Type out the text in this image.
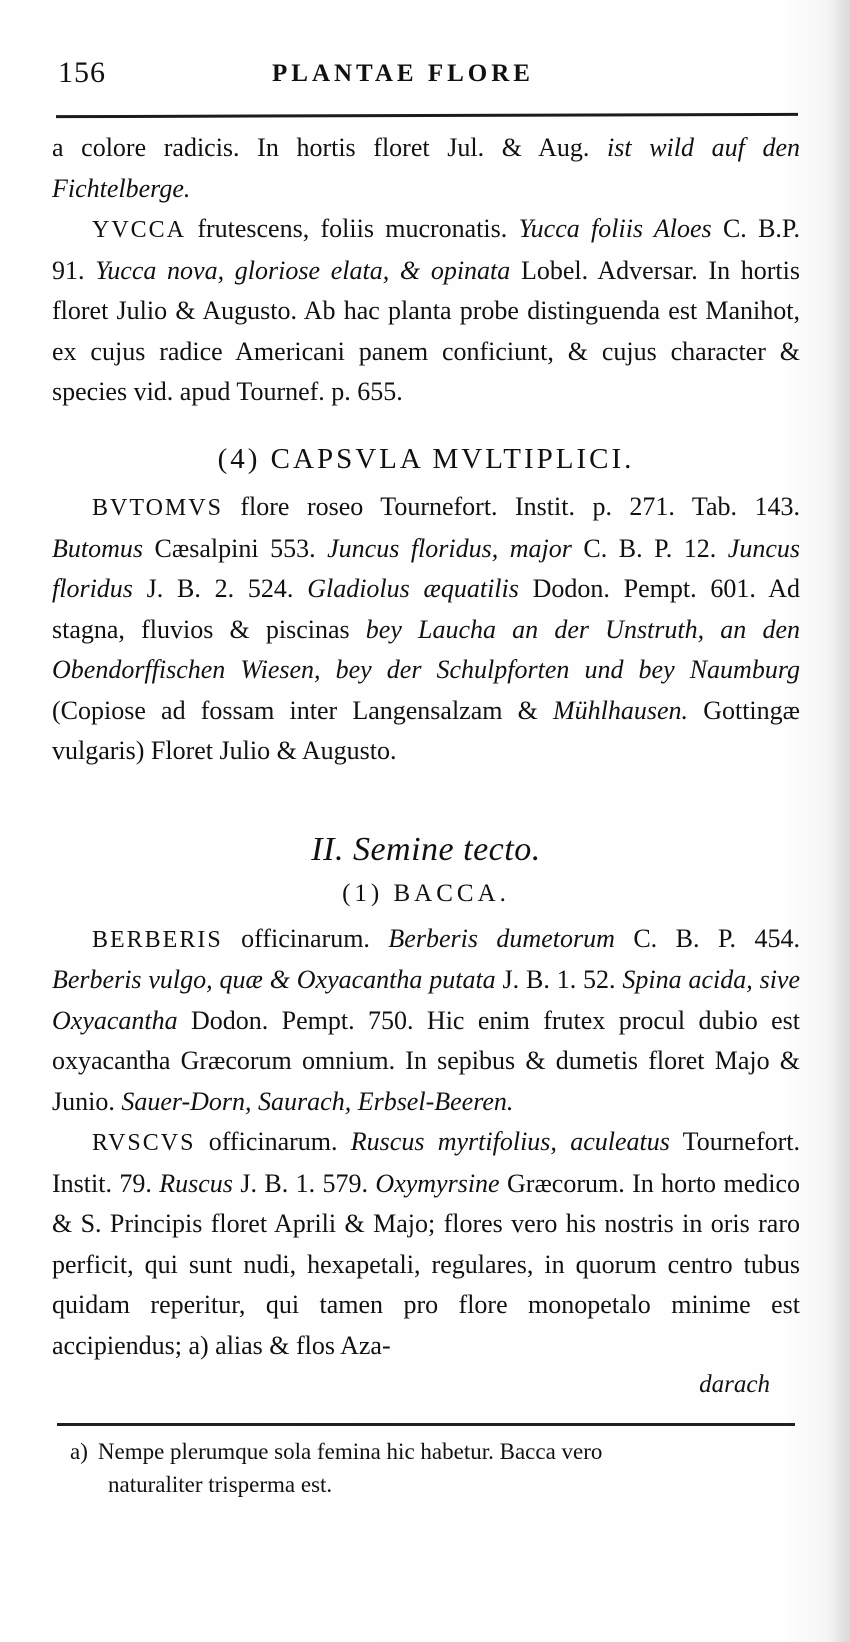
156	PLANTAE FLORE

a colore radicis. In hortis floret Jul. & Aug. ist wild auf den Fichtelberge.

YVCCA frutescens, foliis mucronatis. Yucca foliis Aloes C. B.P. 91. Yucca nova, gloriose elata, & opinata Lobel. Adversar. In hortis floret Julio & Augusto. Ab hac planta probe distinguenda est Manihot, ex cujus radice Americani panem conficiunt, & cujus character & species vid. apud Tournef. p. 655.

(4) CAPSVLA MVLTIPLICI.

BVTOMVS flore roseo Tournefort. Instit. p. 271. Tab. 143. Butomus Cæsalpini 553. Juncus floridus, major C. B. P. 12. Juncus floridus J. B. 2. 524. Gladiolus æquatilis Dodon. Pempt. 601. Ad stagna, fluvios & piscinas bey Laucha an der Unstruth, an den Obendorffischen Wiesen, bey der Schulpforten und bey Naumburg (Copiose ad fossam inter Langensalzam & Mühlhausen. Gottingæ vulgaris) Floret Julio & Augusto.

II. Semine tecto.
(1) BACCA.

BERBERIS officinarum. Berberis dumetorum C. B. P. 454. Berberis vulgo, quæ & Oxyacantha putata J. B. 1. 52. Spina acida, sive Oxyacantha Dodon. Pempt. 750. Hic enim frutex procul dubio est oxyacantha Græcorum omnium. In sepibus & dumetis floret Majo & Junio. Sauer-Dorn, Saurach, Erbsel-Beeren.

RVSCVS officinarum. Ruscus myrtifolius, aculeatus Tournefort. Instit. 79. Ruscus J. B. 1. 579. Oxymyrsine Græcorum. In horto medico & S. Principis floret Aprili & Majo; flores vero his nostris in oris raro perficit, qui sunt nudi, hexapetali, regulares, in quorum centro tubus quidam reperitur, qui tamen pro flore monopetalo minime est accipiendus; a) alias & flos Aza-

darach
a) Nempe plerumque sola femina hic habetur. Bacca vero
naturaliter trisperma est.
